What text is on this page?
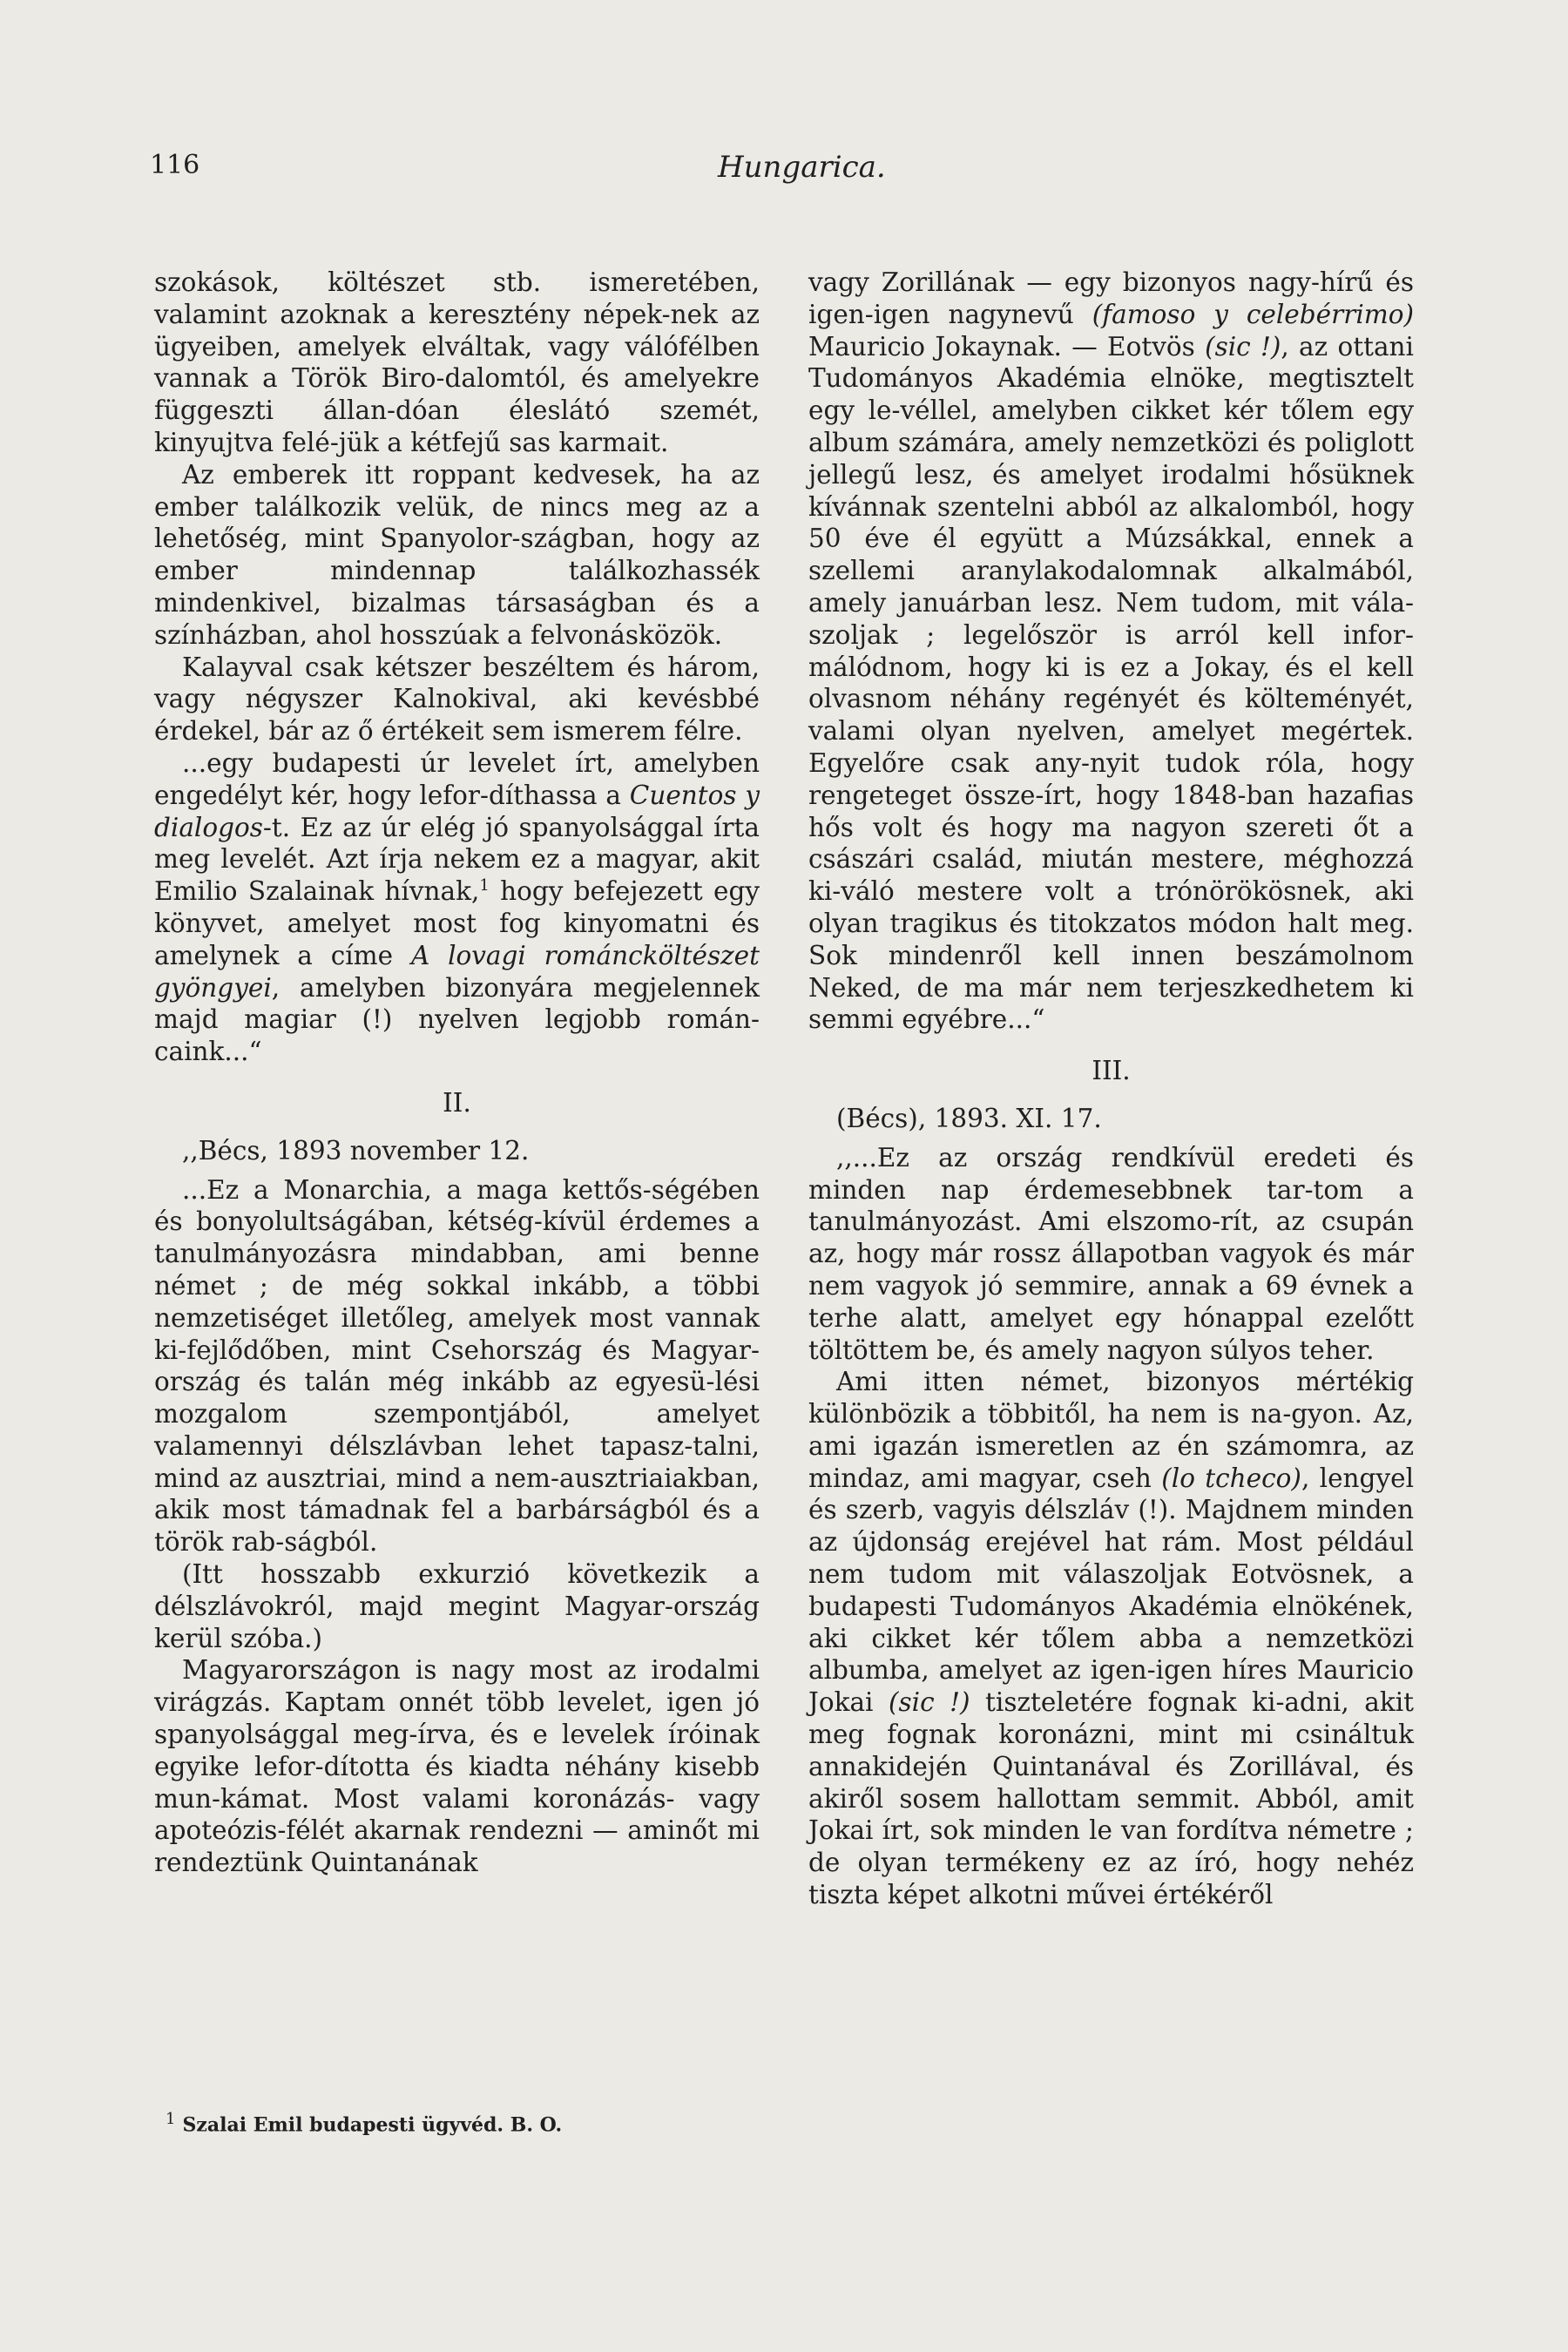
116	Hungarica.

szokások, költészet stb. ismeretében, valamint azoknak a keresztény népek-nek az ügyeiben, amelyek elváltak, vagy válófélben vannak a Török Biro-dalomtól, és amelyekre függeszti állan-dóan éleslátó szemét, kinyujtva felé-jük a kétfejű sas karmait.

Az emberek itt roppant kedvesek, ha az ember találkozik velük, de nincs meg az a lehetőség, mint Spanyolor-szágban, hogy az ember mindennap találkozhassék mindenkivel, bizalmas társaságban és a színházban, ahol hosszúak a felvonásközök.

Kalayval csak kétszer beszéltem és három, vagy négyszer Kalnokival, aki kevésbbé érdekel, bár az ő értékeit sem ismerem félre.

...egy budapesti úr levelet írt, amelyben engedélyt kér, hogy lefor-díthassa a Cuentos y dialogos-t. Ez az úr elég jó spanyolsággal írta meg levelét. Azt írja nekem ez a magyar, akit Emilio Szalainak hívnak,$^1$ hogy befejezett egy könyvet, amelyet most fog kinyomatni és amelynek a címe A lovagi románcköltészet gyöngyei, amelyben bizonyára megjelennek majd magiar (!) nyelven legjobb román-caink...“

II.

,,Bécs, 1893 november 12.

...Ez a Monarchia, a maga kettős-ségében és bonyolultságában, kétség-kívül érdemes a tanulmányozásra mindabban, ami benne német ; de még sokkal inkább, a többi nemzetiséget illetőleg, amelyek most vannak ki-fejlődőben, mint Csehország és Magyar-ország és talán még inkább az egyesü-lési mozgalom szempontjából, amelyet valamennyi délszlávban lehet tapasz-talni, mind az ausztriai, mind a nem-ausztriaiakban, akik most támadnak fel a barbárságból és a török rab-ságból.

(Itt hosszabb exkurzió következik a délszlávokról, majd megint Magyar-ország kerül szóba.)

Magyarországon is nagy most az irodalmi virágzás. Kaptam onnét több levelet, igen jó spanyolsággal meg-írva, és e levelek íróinak egyike lefor-dította és kiadta néhány kisebb mun-kámat. Most valami koronázás- vagy apoteózis-félét akarnak rendezni — aminőt mi rendeztünk Quintanának

vagy Zorillának — egy bizonyos nagy-hírű és igen-igen nagynevű (famoso y celebérrimo) Mauricio Jokaynak. — Eotvös (sic !), az ottani Tudományos Akadémia elnöke, megtisztelt egy le-véllel, amelyben cikket kér tőlem egy album számára, amely nemzetközi és poliglott jellegű lesz, és amelyet irodalmi hősüknek kívánnak szentelni abból az alkalomból, hogy 50 éve él együtt a Múzsákkal, ennek a szellemi aranylakodalomnak alkalmából, amely januárban lesz. Nem tudom, mit vála-szoljak ; legelőször is arról kell infor-málódnom, hogy ki is ez a Jokay, és el kell olvasnom néhány regényét és költeményét, valami olyan nyelven, amelyet megértek. Egyelőre csak any-nyit tudok róla, hogy rengeteget össze-írt, hogy 1848-ban hazafias hős volt és hogy ma nagyon szereti őt a császári család, miután mestere, méghozzá ki-váló mestere volt a trónörökösnek, aki olyan tragikus és titokzatos módon halt meg. Sok mindenről kell innen beszámolnom Neked, de ma már nem terjeszkedhetem ki semmi egyébre...“

III.

(Bécs), 1893. XI. 17.

,,...Ez az ország rendkívül eredeti és minden nap érdemesebbnek tar-tom a tanulmányozást. Ami elszomo-rít, az csupán az, hogy már rossz állapotban vagyok és már nem vagyok jó semmire, annak a 69 évnek a terhe alatt, amelyet egy hónappal ezelőtt töltöttem be, és amely nagyon súlyos teher.

Ami itten német, bizonyos mértékig különbözik a többitől, ha nem is na-gyon. Az, ami igazán ismeretlen az én számomra, az mindaz, ami magyar, cseh (lo tcheco), lengyel és szerb, vagyis délszláv (!). Majdnem minden az újdonság erejével hat rám. Most például nem tudom mit válaszoljak Eotvösnek, a budapesti Tudományos Akadémia elnökének, aki cikket kér tőlem abba a nemzetközi albumba, amelyet az igen-igen híres Mauricio Jokai (sic !) tiszteletére fognak ki-adni, akit meg fognak koronázni, mint mi csináltuk annakidején Quintanával és Zorillával, és akiről sosem hallottam semmit. Abból, amit Jokai írt, sok minden le van fordítva németre ; de olyan termékeny ez az író, hogy nehéz tiszta képet alkotni művei értékéről

$^1$ Szalai Emil budapesti ügyvéd. B. O.
